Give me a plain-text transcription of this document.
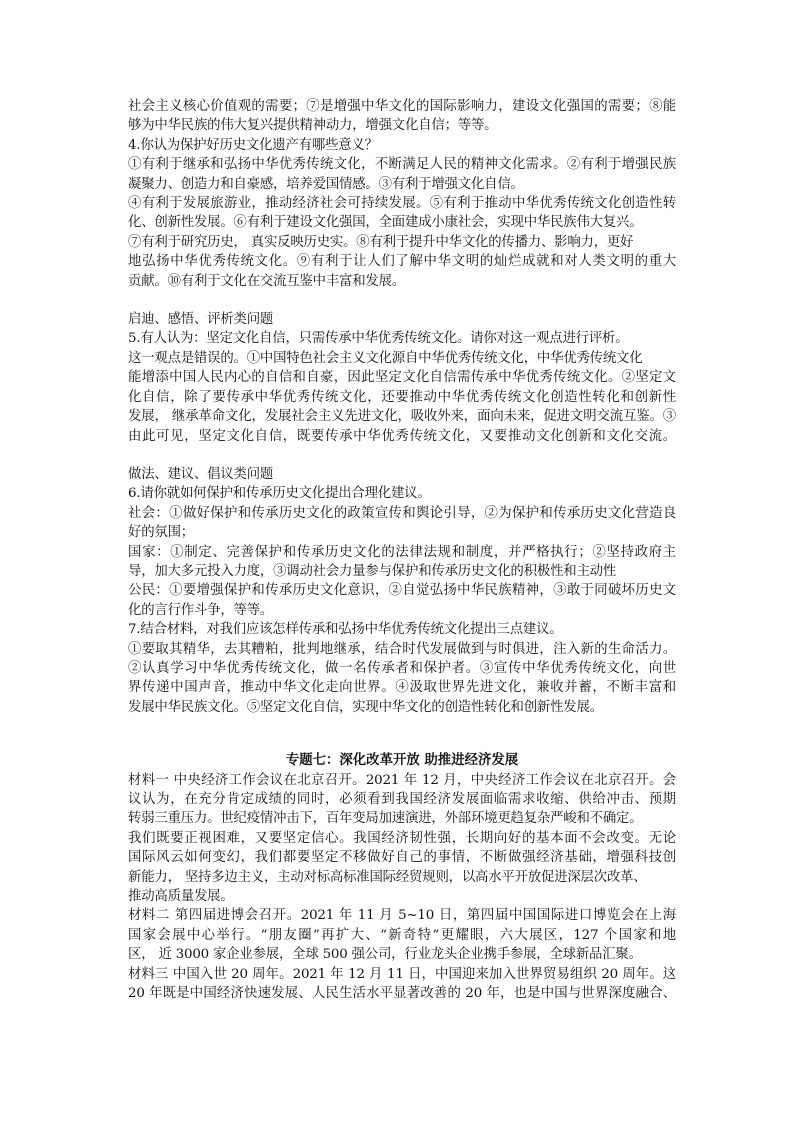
社会主义核心价值观的需要；⑦是增强中华文化的国际影响力，建设文化强国的需要；⑧能

够为中华民族的伟大复兴提供精神动力，增强文化自信；等等。

4.你认为保护好历史文化遗产有哪些意义？

①有利于继承和弘扬中华优秀传统文化，不断满足人民的精神文化需求。②有利于增强民族

凝聚力、创造力和自豪感，培养爱国情感。③有利于增强文化自信。

④有利于发展旅游业，推动经济社会可持续发展。⑤有利于推动中华优秀传统文化创造性转

化、创新性发展。⑥有利于建设文化强国，全面建成小康社会，实现中华民族伟大复兴。

⑦有利于研究历史， 真实反映历史实。⑧有利于提升中华文化的传播力、影响力，更好

地弘扬中华优秀传统文化。⑨有利于让人们了解中华文明的灿烂成就和对人类文明的重大

贡献。⑩有利于文化在交流互鉴中丰富和发展。

启迪、感悟、评析类问题

5.有人认为：坚定文化自信，只需传承中华优秀传统文化。请你对这一观点进行评析。

这一观点是错误的。①中国特色社会主义文化源自中华优秀传统文化，中华优秀传统文化

能增添中国人民内心的自信和自豪，因此坚定文化自信需传承中华优秀传统文化。②坚定文

化自信，除了要传承中华优秀传统文化，还要推动中华优秀传统文化创造性转化和创新性

发展， 继承革命文化，发展社会主义先进文化，吸收外来，面向未来，促进文明交流互鉴。③

由此可见，坚定文化自信，既要传承中华优秀传统文化，又要推动文化创新和文化交流。

做法、建议、倡议类问题

6.请你就如何保护和传承历史文化提出合理化建议。

社会：①做好保护和传承历史文化的政策宣传和舆论引导，②为保护和传承历史文化营造良

好的氛围；

国家：①制定、完善保护和传承历史文化的法律法规和制度，并严格执行；②坚持政府主

导，加大多元投入力度，③调动社会力量参与保护和传承历史文化的积极性和主动性

公民：①要增强保护和传承历史文化意识，②自觉弘扬中华民族精神，③敢于同破坏历史文

化的言行作斗争，等等。

7.结合材料，对我们应该怎样传承和弘扬中华优秀传统文化提出三点建议。

①要取其精华，去其糟粕，批判地继承，结合时代发展做到与时俱进，注入新的生命活力。

②认真学习中华优秀传统文化，做一名传承者和保护者。③宣传中华优秀传统文化，向世

界传递中国声音，推动中华文化走向世界。④汲取世界先进文化，兼收并蓄，不断丰富和

发展中华民族文化。⑤坚定文化自信，实现中华文化的创造性转化和创新性发展。

专题七：深化改革开放 助推进经济发展

材料一 中央经济工作会议在北京召开。2021 年 12 月，中央经济工作会议在北京召开。会

议认为，在充分肯定成绩的同时，必须看到我国经济发展面临需求收缩、供给冲击、预期

转弱三重压力。世纪疫情冲击下，百年变局加速演进，外部环境更趋复杂严峻和不确定。

我们既要正视困难，又要坚定信心。我国经济韧性强，长期向好的基本面不会改变。无论

国际风云如何变幻，我们都要坚定不移做好自己的事情，不断做强经济基础，增强科技创

新能力， 坚持多边主义，主动对标高标准国际经贸规则，以高水平开放促进深层次改革、

推动高质量发展。

材料二 第四届进博会召开。2021 年 11 月 5~10 日，第四届中国国际进口博览会在上海

国家会展中心举行。“朋友圈”再扩大、“新奇特”更耀眼，六大展区，127 个国家和地

区， 近 3000 家企业参展，全球 500 强公司，行业龙头企业携手参展，全球新品汇聚。

材料三 中国入世 20 周年。2021 年 12 月 11 日，中国迎来加入世界贸易组织 20 周年。这

20 年既是中国经济快速发展、人民生活水平显著改善的 20 年，也是中国与世界深度融合、
